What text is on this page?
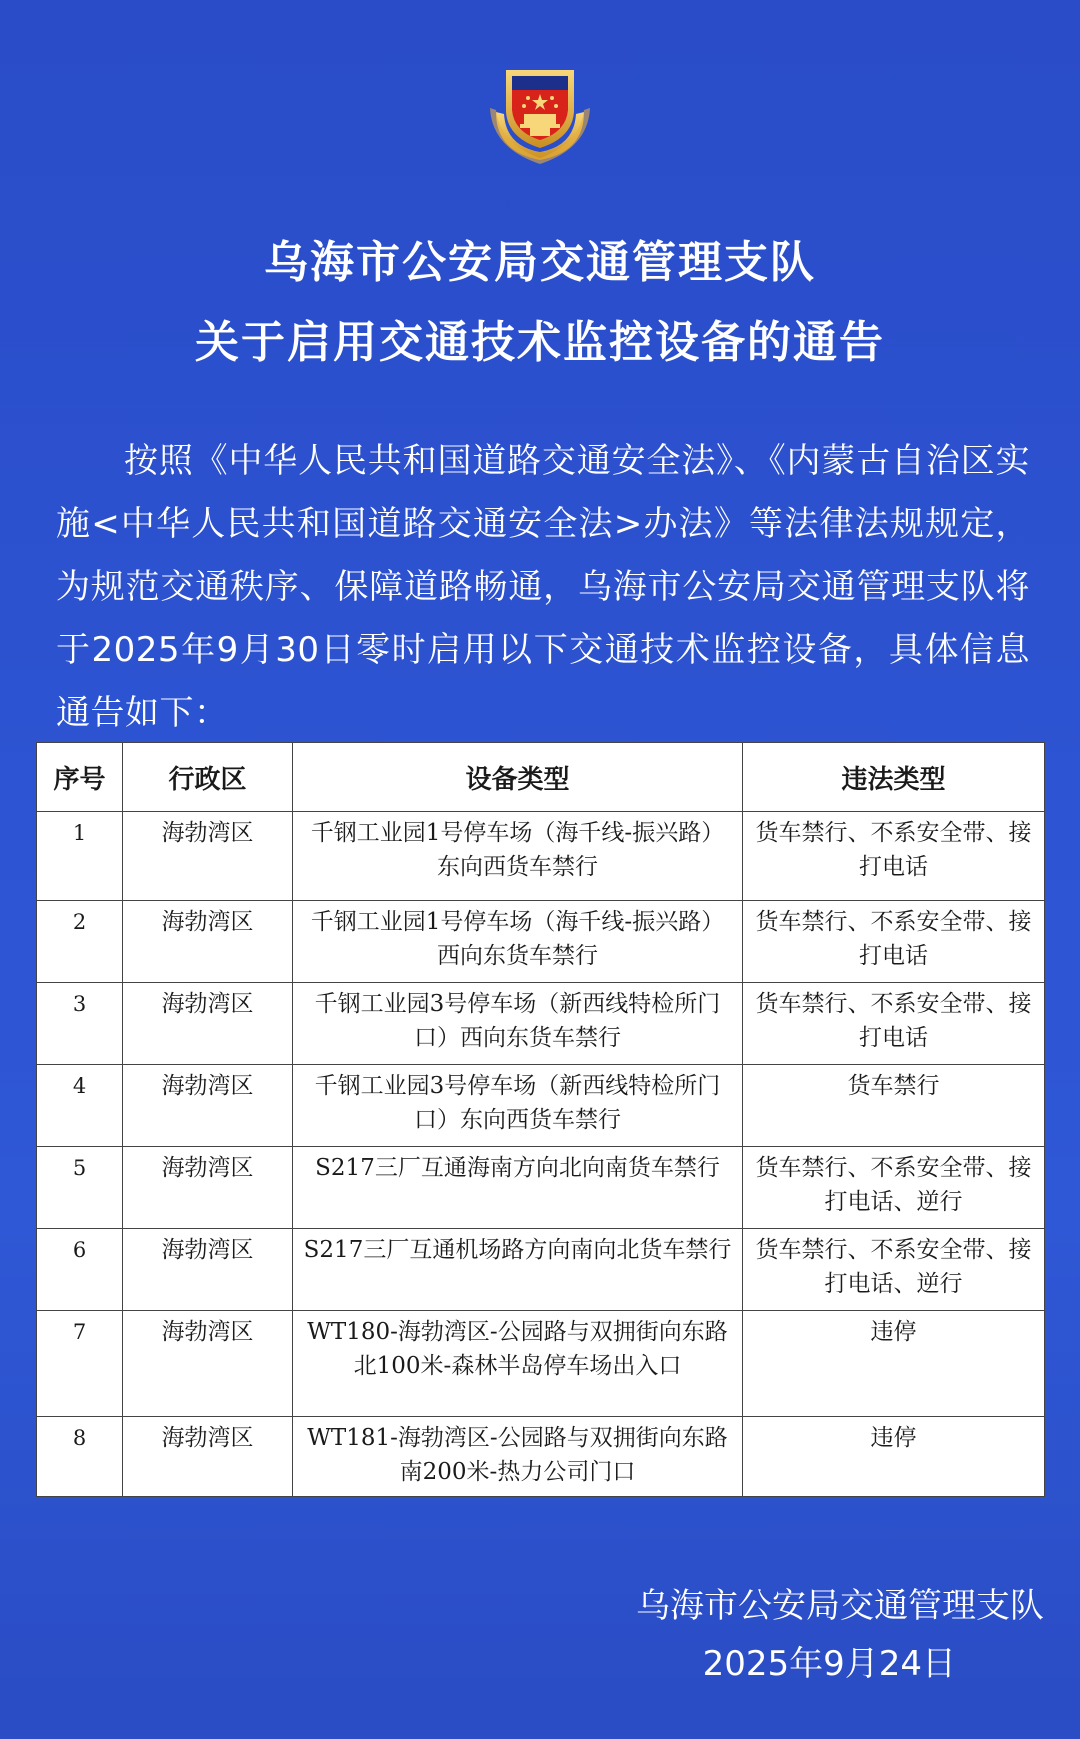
乌海市公安局交通管理支队
关于启用交通技术监控设备的通告
按照《中华人民共和国道路交通安全法》、《内蒙古自治区实施<中华人民共和国道路交通安全法>办法》等法律法规规定，为规范交通秩序、保障道路畅通，乌海市公安局交通管理支队将于2025年9月30日零时启用以下交通技术监控设备，具体信息通告如下：
序号	行政区	设备类型	违法类型
1	海勃湾区	千钢工业园1号停车场（海千线-振兴路）东向西货车禁行	货车禁行、不系安全带、接打电话
2	海勃湾区	千钢工业园1号停车场（海千线-振兴路）西向东货车禁行	货车禁行、不系安全带、接打电话
3	海勃湾区	千钢工业园3号停车场（新西线特检所门口）西向东货车禁行	货车禁行、不系安全带、接打电话
4	海勃湾区	千钢工业园3号停车场（新西线特检所门口）东向西货车禁行	货车禁行
5	海勃湾区	S217三厂互通海南方向北向南货车禁行	货车禁行、不系安全带、接打电话、逆行
6	海勃湾区	S217三厂互通机场路方向南向北货车禁行	货车禁行、不系安全带、接打电话、逆行
7	海勃湾区	WT180-海勃湾区-公园路与双拥街向东路北100米-森林半岛停车场出入口	违停
8	海勃湾区	WT181-海勃湾区-公园路与双拥街向东路南200米-热力公司门口	违停
乌海市公安局交通管理支队
2025年9月24日
